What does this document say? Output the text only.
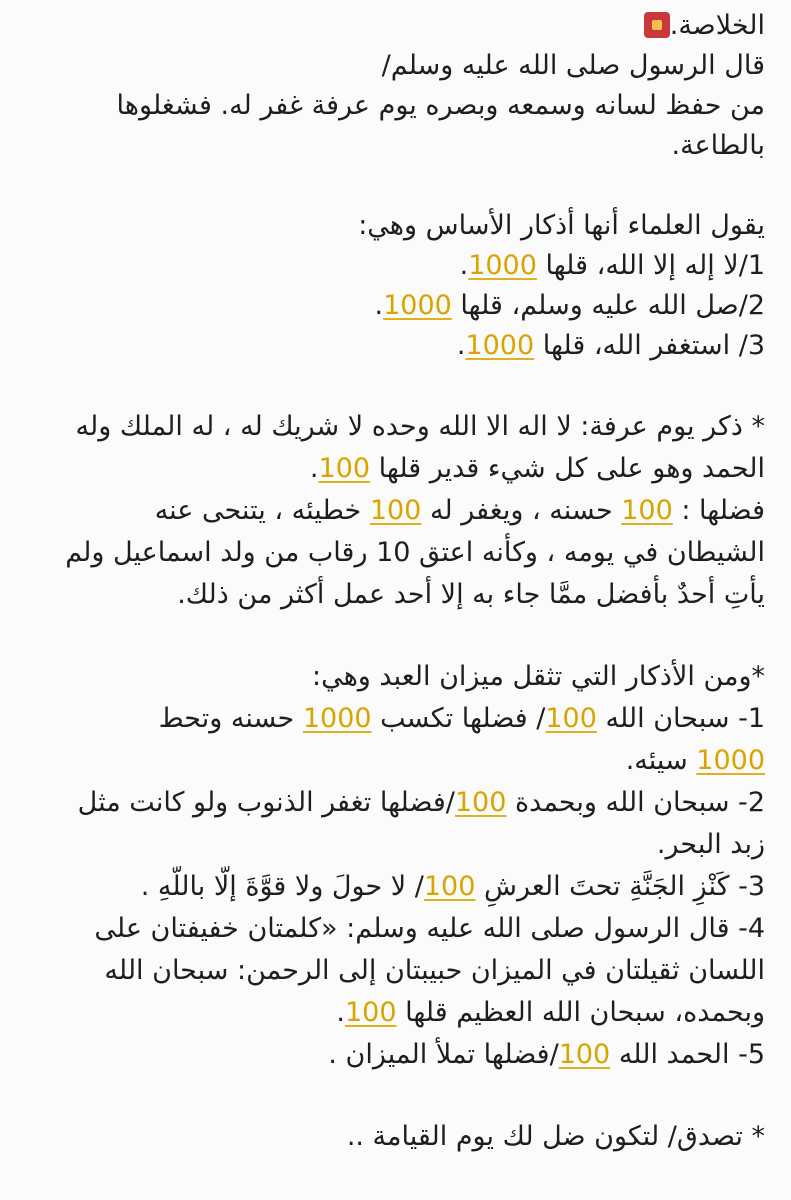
الخلاصة.
قال الرسول صلى الله عليه وسلم/
من حفظ لسانه وسمعه وبصره يوم عرفة غفر له. فشغلوها
بالطاعة.
يقول العلماء أنها أذكار الأساس وهي:
1/لا إله إلا الله، قلها 1000.
2/صل الله عليه وسلم، قلها 1000.
3/ استغفر الله، قلها 1000.
* ذكر يوم عرفة: لا اله الا الله وحده لا شريك له ، له الملك وله
الحمد وهو على كل شيء قدير قلها 100.
فضلها : 100 حسنه ، ويغفر له 100 خطيئه ، يتنحى عنه
الشيطان في يومه ، وكأنه اعتق 10 رقاب من ولد اسماعيل ولم
يأتِ أحدٌ بأفضل ممَّا جاء به إلا أحد عمل أكثر من ذلك.
*ومن الأذكار التي تثقل ميزان العبد وهي:
1- سبحان الله 100/ فضلها تكسب 1000 حسنه وتحط
1000 سيئه.
2- سبحان الله وبحمدة 100/فضلها تغفر الذنوب ولو كانت مثل
زبد البحر.
3- كَنْزِ الجَنَّةِ تحتَ العرشِ 100/ لا حولَ ولا قوَّةَ إلَّا باللَّهِ .
4- قال الرسول صلى الله عليه وسلم: «كلمتان خفيفتان على
اللسان ثقيلتان في الميزان حبيبتان إلى الرحمن: سبحان الله
وبحمده، سبحان الله العظيم قلها 100.
5- الحمد الله 100/فضلها تملأ الميزان .
* تصدق/ لتكون ضل لك يوم القيامة ..
